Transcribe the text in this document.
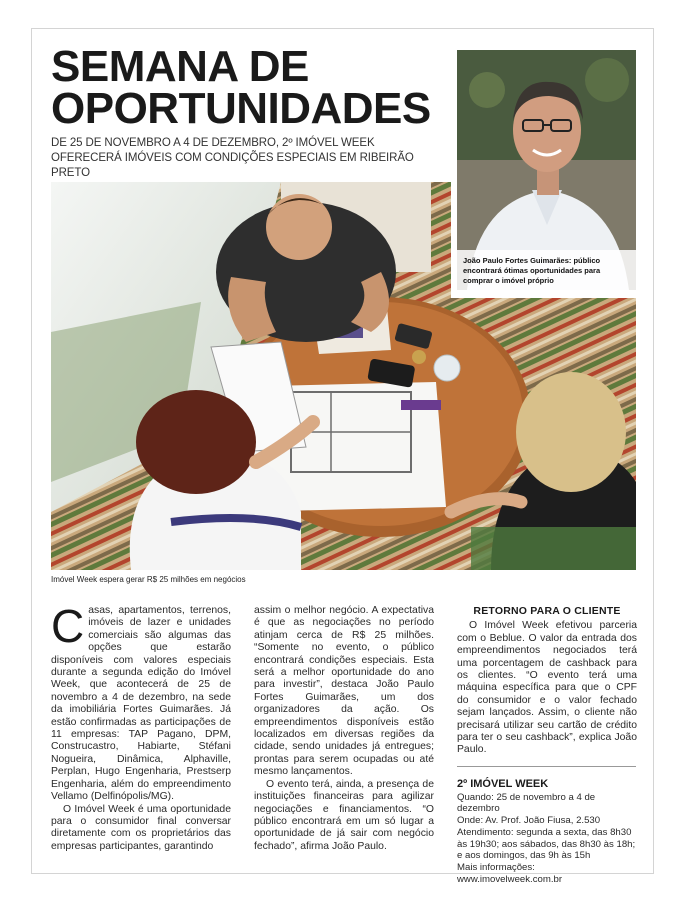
SEMANA DE OPORTUNIDADES

DE 25 DE NOVEMBRO A 4 DE DEZEMBRO, 2º IMÓVEL WEEK OFERECERÁ IMÓVEIS COM CONDIÇÕES ESPECIAIS EM RIBEIRÃO PRETO

João Paulo Fortes Guimarães: público encontrará ótimas oportunidades para comprar o imóvel próprio

Imóvel Week espera gerar R$ 25 milhões em negócios

Casas, apartamentos, terrenos, imóveis de lazer e unidades comerciais são algumas das opções que estarão disponíveis com valores especiais durante a segunda edição do Imóvel Week, que acontecerá de 25 de novembro a 4 de dezembro, na sede da imobiliária Fortes Guimarães. Já estão confirmadas as participações de 11 empresas: TAP Pagano, DPM, Construcastro, Habiarte, Stéfani Nogueira, Dinâmica, Alphaville, Perplan, Hugo Engenharia, Prestserp Engenharia, além do empreendimento Vellamo (Delfinópolis/MG).

O Imóvel Week é uma oportunidade para o consumidor final conversar diretamente com os proprietários das empresas participantes, garantindo

assim o melhor negócio. A expectativa é que as negociações no período atinjam cerca de R$ 25 milhões. “Somente no evento, o público encontrará condições especiais. Esta será a melhor oportunidade do ano para investir”, destaca João Paulo Fortes Guimarães, um dos organizadores da ação. Os empreendimentos disponíveis estão localizados em diversas regiões da cidade, sendo unidades já entregues; prontas para serem ocupadas ou até mesmo lançamentos.

O evento terá, ainda, a presença de instituições financeiras para agilizar negociações e financiamentos. “O público encontrará em um só lugar a oportunidade de já sair com negócio fechado”, afirma João Paulo.

RETORNO PARA O CLIENTE

O Imóvel Week efetivou parceria com o Beblue. O valor da entrada dos empreendimentos negociados terá uma porcentagem de cashback para os clientes. “O evento terá uma máquina específica para que o CPF do consumidor e o valor fechado sejam lançados. Assim, o cliente não precisará utilizar seu cartão de crédito para ter o seu cashback”, explica João Paulo.

2º IMÓVEL WEEK

Quando: 25 de novembro a 4 de dezembro

Onde: Av. Prof. João Fiusa, 2.530

Atendimento: segunda a sexta, das 8h30 às 19h30; aos sábados, das 8h30 às 18h; e aos domingos, das 9h às 15h

Mais informações: www.imovelweek.com.br
